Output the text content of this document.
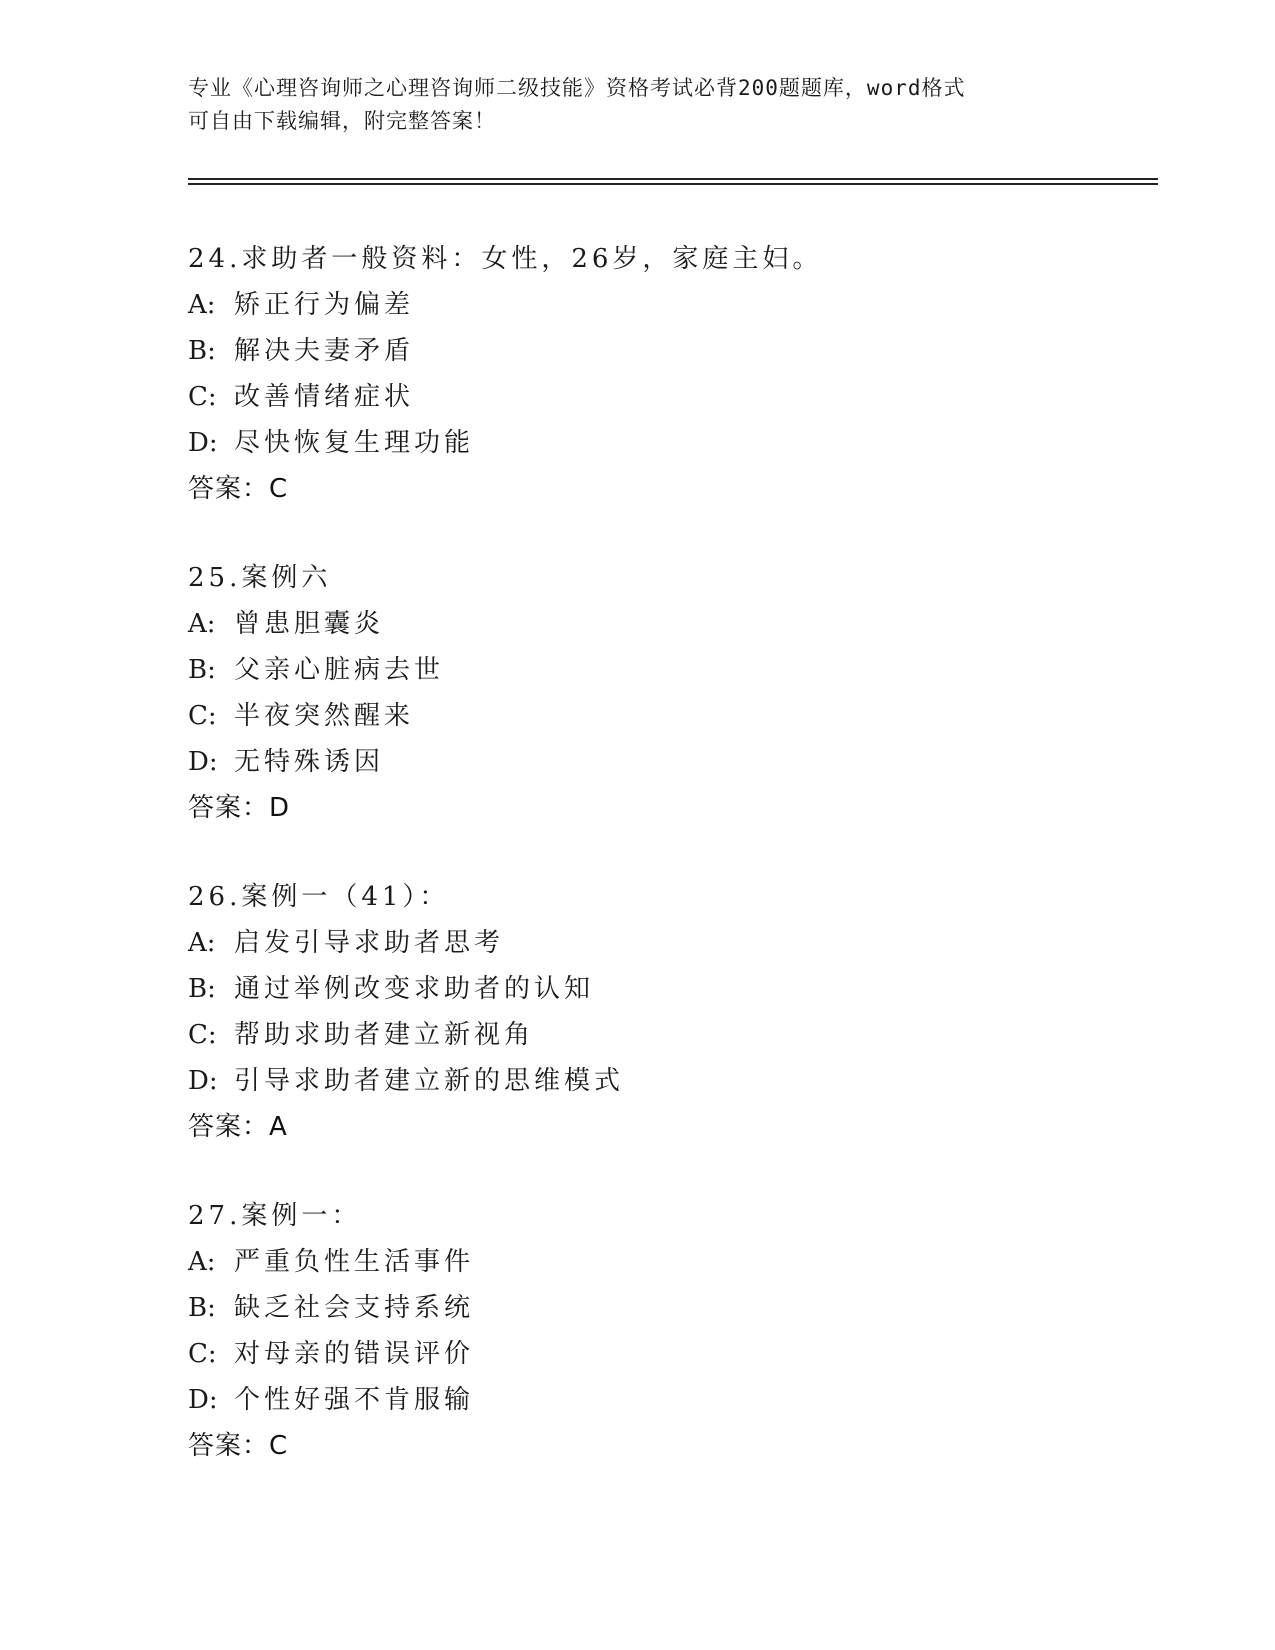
专业《心理咨询师之心理咨询师二级技能》资格考试必背200题题库，word格式
可自由下载编辑，附完整答案！
24.求助者一般资料：女性，26岁，家庭主妇。
A: 矫正行为偏差
B: 解决夫妻矛盾
C: 改善情绪症状
D: 尽快恢复生理功能
答案：C
25.案例六
A: 曾患胆囊炎
B: 父亲心脏病去世
C: 半夜突然醒来
D: 无特殊诱因
答案：D
26.案例一（41）：
A: 启发引导求助者思考
B: 通过举例改变求助者的认知
C: 帮助求助者建立新视角
D: 引导求助者建立新的思维模式
答案：A
27.案例一：
A: 严重负性生活事件
B: 缺乏社会支持系统
C: 对母亲的错误评价
D: 个性好强不肯服输
答案：C
